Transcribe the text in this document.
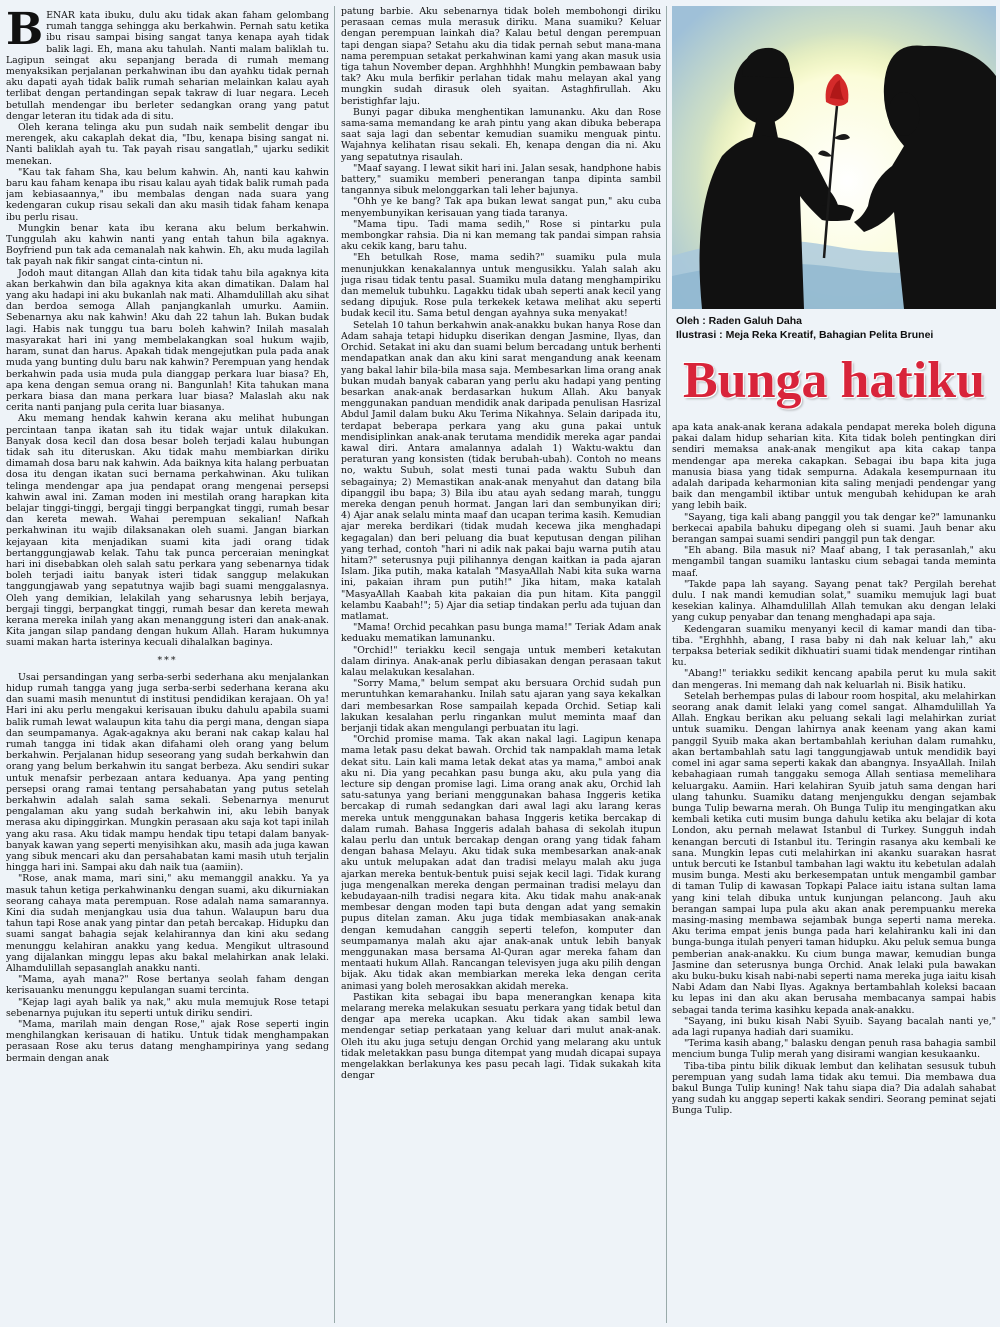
B ENAR kata ibuku, dulu aku tidak akan faham gelombang rumah tangga sehingga aku berkahwin. Pernah satu ketika ibu risau sampai bising sangat tanya kenapa ayah tidak balik lagi. Eh, mana aku tahulah. Nanti malam baliklah tu. Lagipun seingat aku sepanjang berada di rumah memang menyaksikan perjalanan perkahwinan ibu dan ayahku tidak pernah aku dapati ayah tidak balik rumah seharian melainkan kalau ayah terlibat dengan pertandingan sepak takraw di luar negara. Leceh betullah mendengar ibu berleter sedangkan orang yang patut dengar leteran itu tidak ada di situ.

Oleh kerana telinga aku pun sudah naik sembelit dengar ibu merengek, aku cakaplah dekat dia, "Ibu, kenapa bising sangat ni. Nanti baliklah ayah tu. Tak payah risau sangatlah," ujarku sedikit menekan.

"Kau tak faham Sha, kau belum kahwin. Ah, nanti kau kahwin baru kau faham kenapa ibu risau kalau ayah tidak balik rumah pada jam kebiasaannya," ibu membalas dengan nada suara yang kedengaran cukup risau sekali dan aku masih tidak faham kenapa ibu perlu risau.

Mungkin benar kata ibu kerana aku belum berkahwin. Tunggulah aku kahwin nanti yang entah tahun bila agaknya. Boyfriend pun tak ada cemanalah nak kahwin. Eh, aku muda lagilah tak payah nak fikir sangat cinta-cintun ni.

Jodoh maut ditangan Allah dan kita tidak tahu bila agaknya kita akan berkahwin dan bila agaknya kita akan dimatikan. Dalam hal yang aku hadapi ini aku bukanlah nak mati. Alhamdulillah aku sihat dan berdoa semoga Allah panjangkanlah umurku. Aamiin. Sebenarnya aku nak kahwin! Aku dah 22 tahun lah. Bukan budak lagi. Habis nak tunggu tua baru boleh kahwin? Inilah masalah masyarakat hari ini yang membelakangkan soal hukum wajib, haram, sunat dan harus. Apakah tidak mengejutkan pula pada anak muda yang bunting dulu baru nak kahwin? Perempuan yang hendak berkahwin pada usia muda pula dianggap perkara luar biasa? Eh, apa kena dengan semua orang ni. Bangunlah! Kita tahukan mana perkara biasa dan mana perkara luar biasa? Malaslah aku nak cerita nanti panjang pula cerita luar biasanya.

Aku memang hendak kahwin kerana aku melihat hubungan percintaan tanpa ikatan sah itu tidak wajar untuk dilakukan. Banyak dosa kecil dan dosa besar boleh terjadi kalau hubungan tidak sah itu diteruskan. Aku tidak mahu membiarkan diriku dimamah dosa baru nak kahwin. Ada baiknya kita halang perbuatan dosa itu dengan ikatan suci bernama perkahwinan. Aku tulikan telinga mendengar apa jua pendapat orang mengenai persepsi kahwin awal ini. Zaman moden ini mestilah orang harapkan kita belajar tinggi-tinggi, bergaji tinggi berpangkat tinggi, rumah besar dan kereta mewah. Wahai perempuan sekalian! Nafkah perkahwinan itu wajib dilaksanakan oleh suami. Jangan biarkan kejayaan kita menjadikan suami kita jadi orang tidak bertanggungjawab kelak. Tahu tak punca perceraian meningkat hari ini disebabkan oleh salah satu perkara yang sebenarnya tidak boleh terjadi iaitu banyak isteri tidak sanggup melakukan tanggungjawab yang sepatutnya wajib bagi suami menggalasnya. Oleh yang demikian, lelakilah yang seharusnya lebih berjaya, bergaji tinggi, berpangkat tinggi, rumah besar dan kereta mewah kerana mereka inilah yang akan menanggung isteri dan anak-anak. Kita jangan silap pandang dengan hukum Allah. Haram hukumnya suami makan harta isterinya kecuali dihalalkan baginya.

***

Usai persandingan yang serba-serbi sederhana aku menjalankan hidup rumah tangga yang juga serba-serbi sederhana kerana aku dan suami masih menuntut di institusi pendidikan kerajaan. Oh ya! Hari ini aku perlu mengakui kerisauan ibuku dahulu apabila suami balik rumah lewat walaupun kita tahu dia pergi mana, dengan siapa dan seumpamanya. Agak-agaknya aku berani nak cakap kalau hal rumah tangga ini tidak akan difahami oleh orang yang belum berkahwin. Perjalanan hidup seseorang yang sudah berkahwin dan orang yang belum berkahwin itu sangat berbeza. Aku sendiri sukar untuk menafsir perbezaan antara keduanya. Apa yang penting persepsi orang ramai tentang persahabatan yang putus setelah berkahwin adalah salah sama sekali. Sebenarnya menurut pengalaman aku yang sudah berkahwin ini, aku lebih banyak merasa aku dipinggirkan. Mungkin perasaan aku saja kot tapi inilah yang aku rasa. Aku tidak mampu hendak tipu tetapi dalam banyak-banyak kawan yang seperti menyisihkan aku, masih ada juga kawan yang sibuk mencari aku dan persahabatan kami masih utuh terjalin hingga hari ini. Sampai aku dah naik tua (aamiin).

"Rose, anak mama, mari sini," aku memanggil anakku. Ya ya masuk tahun ketiga perkahwinanku dengan suami, aku dikurniakan seorang cahaya mata perempuan. Rose adalah nama samarannya. Kini dia sudah menjangkau usia dua tahun. Walaupun baru dua tahun tapi Rose anak yang pintar dan petah bercakap. Hidupku dan suami sangat bahagia sejak kelahirannya dan kini aku sedang menunggu kelahiran anakku yang kedua. Mengikut ultrasound yang dijalankan minggu lepas aku bakal melahirkan anak lelaki. Alhamdulillah sepasanglah anakku nanti.

"Mama, ayah mana?" Rose bertanya seolah faham dengan kerisauanku menunggu kepulangan suami tercinta.

"Kejap lagi ayah balik ya nak," aku mula memujuk Rose tetapi sebenarnya pujukan itu seperti untuk diriku sendiri.

"Mama, marilah main dengan Rose," ajak Rose seperti ingin menghilangkan kerisauan di hatiku. Untuk tidak menghampakan perasaan Rose aku terus datang menghampirinya yang sedang bermain dengan anak

patung barbie. Aku sebenarnya tidak boleh membohongi diriku perasaan cemas mula merasuk diriku. Mana suamiku? Keluar dengan perempuan lainkah dia? Kalau betul dengan perempuan tapi dengan siapa? Setahu aku dia tidak pernah sebut mana-mana nama perempuan setakat perkahwinan kami yang akan masuk usia tiga tahun November depan. Arghhhhh! Mungkin pembawaan baby tak? Aku mula berfikir perlahan tidak mahu melayan akal yang mungkin sudah dirasuk oleh syaitan. Astaghfirullah. Aku beristighfar laju.

Bunyi pagar dibuka menghentikan lamunanku. Aku dan Rose sama-sama memandang ke arah pintu yang akan dibuka beberapa saat saja lagi dan sebentar kemudian suamiku menguak pintu. Wajahnya kelihatan risau sekali. Eh, kenapa dengan dia ni. Aku yang sepatutnya risaulah.

"Maaf sayang. I lewat sikit hari ini. Jalan sesak, handphone habis battery," suamiku memberi penerangan tanpa dipinta sambil tangannya sibuk melonggarkan tali leher bajunya.

"Ohh ye ke bang? Tak apa bukan lewat sangat pun," aku cuba menyembunyikan kerisauan yang tiada taranya.

"Mama tipu. Tadi mama sedih," Rose si pintarku pula membongkar rahsia. Dia ni kan memang tak pandai simpan rahsia aku cekik kang, baru tahu.

"Eh betulkah Rose, mama sedih?" suamiku pula mula menunjukkan kenakalannya untuk mengusikku. Yalah salah aku juga risau tidak tentu pasal. Suamiku mula datang menghampiriku dan memeluk tubuhku. Lagakku tidak ubah seperti anak kecil yang sedang dipujuk. Rose pula terkekek ketawa melihat aku seperti budak kecil itu. Sama betul dengan ayahnya suka menyakat!

Setelah 10 tahun berkahwin anak-anakku bukan hanya Rose dan Adam sahaja tetapi hidupku diserikan dengan Jasmine, Ilyas, dan Orchid. Setakat ini aku dan suami belum bercadang untuk berhenti mendapatkan anak dan aku kini sarat mengandung anak keenam yang bakal lahir bila-bila masa saja. Membesarkan lima orang anak bukan mudah banyak cabaran yang perlu aku hadapi yang penting besarkan anak-anak berdasarkan hukum Allah. Aku banyak menggunakan panduan mendidik anak daripada penulisan Hasrizal Abdul Jamil dalam buku Aku Terima Nikahnya. Selain daripada itu, terdapat beberapa perkara yang aku guna pakai untuk mendisiplinkan anak-anak terutama mendidik mereka agar pandai kawal diri. Antara amalannya adalah 1) Waktu-waktu dan peraturan yang konsisten (tidak berubah-ubah). Contoh no means no, waktu Subuh, solat mesti tunai pada waktu Subuh dan sebagainya; 2) Memastikan anak-anak menyahut dan datang bila dipanggil ibu bapa; 3) Bila ibu atau ayah sedang marah, tunggu mereka dengan penuh hormat. Jangan lari dan sembunyikan diri; 4) Ajar anak selalu minta maaf dan ucapan terima kasih. Kemudian ajar mereka berdikari (tidak mudah kecewa jika menghadapi kegagalan) dan beri peluang dia buat keputusan dengan pilihan yang terhad, contoh "hari ni adik nak pakai baju warna putih atau hitam?" seterusnya puji pilihannya dengan kaitkan ia pada ajaran Islam. Jika putih, maka katalah "MasyaAllah Nabi kita suka warna ini, pakaian ihram pun putih!" Jika hitam, maka katalah "MasyaAllah Kaabah kita pakaian dia pun hitam. Kita panggil kelambu Kaabah!"; 5) Ajar dia setiap tindakan perlu ada tujuan dan matlamat.

"Mama! Orchid pecahkan pasu bunga mama!" Teriak Adam anak keduaku mematikan lamunanku.

"Orchid!" teriakku kecil sengaja untuk memberi ketakutan dalam dirinya. Anak-anak perlu dibiasakan dengan perasaan takut kalau melakukan kesalahan.

"Sorry Mama," belum sempat aku bersuara Orchid sudah pun meruntuhkan kemarahanku. Inilah satu ajaran yang saya kekalkan dari membesarkan Rose sampailah kepada Orchid. Setiap kali lakukan kesalahan perlu ringankan mulut meminta maaf dan berjanji tidak akan mengulangi perbuatan itu lagi.

"Orchid promise mama. Tak akan nakal lagi. Lagipun kenapa mama letak pasu dekat bawah. Orchid tak nampaklah mama letak dekat situ. Lain kali mama letak dekat atas ya mama," amboi anak aku ni. Dia yang pecahkan pasu bunga aku, aku pula yang dia lecture sip dengan promise lagi. Lima orang anak aku, Orchid lah satu-satunya yang beriani menggunakan bahasa Inggeris ketika bercakap di rumah sedangkan dari awal lagi aku larang keras mereka untuk menggunakan bahasa Inggeris ketika bercakap di dalam rumah. Bahasa Inggeris adalah bahasa di sekolah itupun kalau perlu dan untuk bercakap dengan orang yang tidak faham dengan bahasa Melayu. Aku tidak suka membesarkan anak-anak aku untuk melupakan adat dan tradisi melayu malah aku juga ajarkan mereka bentuk-bentuk puisi sejak kecil lagi. Tidak kurang juga mengenalkan mereka dengan permainan tradisi melayu dan kebudayaan-nilh tradisi negara kita. Aku tidak mahu anak-anak membesar dengan moden tapi buta dengan adat yang semakin pupus ditelan zaman. Aku juga tidak membiasakan anak-anak dengan kemudahan canggih seperti telefon, komputer dan seumpamanya malah aku ajar anak-anak untuk lebih banyak menggunakan masa bersama Al-Quran agar mereka faham dan mentaati hukum Allah. Rancangan televisyen juga aku pilih dengan bijak. Aku tidak akan membiarkan mereka leka dengan cerita animasi yang boleh merosakkan akidah mereka.

Pastikan kita sebagai ibu bapa menerangkan kenapa kita melarang mereka melakukan sesuatu perkara yang tidak betul dan dengar apa mereka ucapkan. Aku tidak akan sambil lewa mendengar setiap perkataan yang keluar dari mulut anak-anak. Oleh itu aku juga setuju dengan Orchid yang melarang aku untuk tidak meletakkan pasu bunga ditempat yang mudah dicapai supaya mengelakkan berlakunya kes pasu pecah lagi. Tidak sukakah kita dengar

Oleh : Raden Galuh Daha
Ilustrasi : Meja Reka Kreatif, Bahagian Pelita Brunei
Bunga hatiku

apa kata anak-anak kerana adakala pendapat mereka boleh diguna pakai dalam hidup seharian kita. Kita tidak boleh pentingkan diri sendiri memaksa anak-anak mengikut apa kita cakap tanpa mendengar apa mereka cakapkan. Sebagai ibu bapa kita juga manusia biasa yang tidak sempurna. Adakala kesempurnaan itu adalah daripada keharmonian kita saling menjadi pendengar yang baik dan mengambil iktibar untuk mengubah kehidupan ke arah yang lebih baik.

"Sayang, tiga kali abang panggil you tak dengar ke?" lamunanku berkecai apabila bahuku dipegang oleh si suami. Jauh benar aku berangan sampai suami sendiri panggil pun tak dengar.

"Eh abang. Bila masuk ni? Maaf abang, I tak perasanlah," aku mengambil tangan suamiku lantasku cium sebagai tanda meminta maaf.

"Takde papa lah sayang. Sayang penat tak? Pergilah berehat dulu. I nak mandi kemudian solat," suamiku memujuk lagi buat kesekian kalinya. Alhamdulillah Allah temukan aku dengan lelaki yang cukup penyabar dan tenang menghadapi apa saja.

Kedengaran suamiku menyanyi kecil di kamar mandi dan tiba-tiba. "Erghhhh, abang, I rasa baby ni dah nak keluar lah," aku terpaksa beteriak sedikit dikhuatiri suami tidak mendengar rintihan ku.

"Abang!" teriakku sedikit kencang apabila perut ku mula sakit dan mengeras. Ini memang dah nak keluarlah ni. Bisik hatiku.

Setelah berhempas pulas di labour room hospital, aku melahirkan seorang anak damit lelaki yang comel sangat. Alhamdulillah Ya Allah. Engkau berikan aku peluang sekali lagi melahirkan zuriat untuk suamiku. Dengan lahirnya anak keenam yang akan kami panggil Syuib maka akan bertambahlah keriuhan dalam rumahku, akan bertambahlah satu lagi tanggungjawab untuk mendidik bayi comel ini agar sama seperti kakak dan abangnya. InsyaAllah. Inilah kebahagiaan rumah tanggaku semoga Allah sentiasa memelihara keluargaku. Aamiin. Hari kelahiran Syuib jatuh sama dengan hari ulang tahunku. Suamiku datang menjengukku dengan sejambak bunga Tulip bewarna merah. Oh Bunga Tulip itu mengingatkan aku kembali ketika cuti musim bunga dahulu ketika aku belajar di kota London, aku pernah melawat Istanbul di Turkey. Sungguh indah kenangan bercuti di Istanbul itu. Teringin rasanya aku kembali ke sana. Mungkin lepas cuti melahirkan ini akanku suarakan hasrat untuk bercuti ke Istanbul tambahan lagi waktu itu kebetulan adalah musim bunga. Mesti aku berkesempatan untuk mengambil gambar di taman Tulip di kawasan Topkapi Palace iaitu istana sultan lama yang kini telah dibuka untuk kunjungan pelancong. Jauh aku berangan sampai lupa pula aku akan anak perempuanku mereka masing-masing membawa sejambak bunga seperti nama mereka. Aku terima empat jenis bunga pada hari kelahiranku kali ini dan bunga-bunga itulah penyeri taman hidupku. Aku peluk semua bunga pemberian anak-anakku. Ku cium bunga mawar, kemudian bunga Jasmine dan seterusnya bunga Orchid. Anak lelaki pula bawakan aku buku-buku kisah nabi-nabi seperti nama mereka juga iaitu kisah Nabi Adam dan Nabi Ilyas. Agaknya bertambahlah koleksi bacaan ku lepas ini dan aku akan berusaha membacanya sampai habis sebagai tanda terima kasihku kepada anak-anakku.

"Sayang, ini buku kisah Nabi Syuib. Sayang bacalah nanti ye," ada lagi rupanya hadiah dari suamiku.

"Terima kasih abang," balasku dengan penuh rasa bahagia sambil mencium bunga Tulip merah yang disirami wangian kesukaanku.

Tiba-tiba pintu bilik dikuak lembut dan kelihatan sesusuk tubuh perempuan yang sudah lama tidak aku temui. Dia membawa dua bakul Bunga Tulip kuning! Nak tahu siapa dia? Dia adalah sahabat yang sudah ku anggap seperti kakak sendiri. Seorang peminat sejati Bunga Tulip.
